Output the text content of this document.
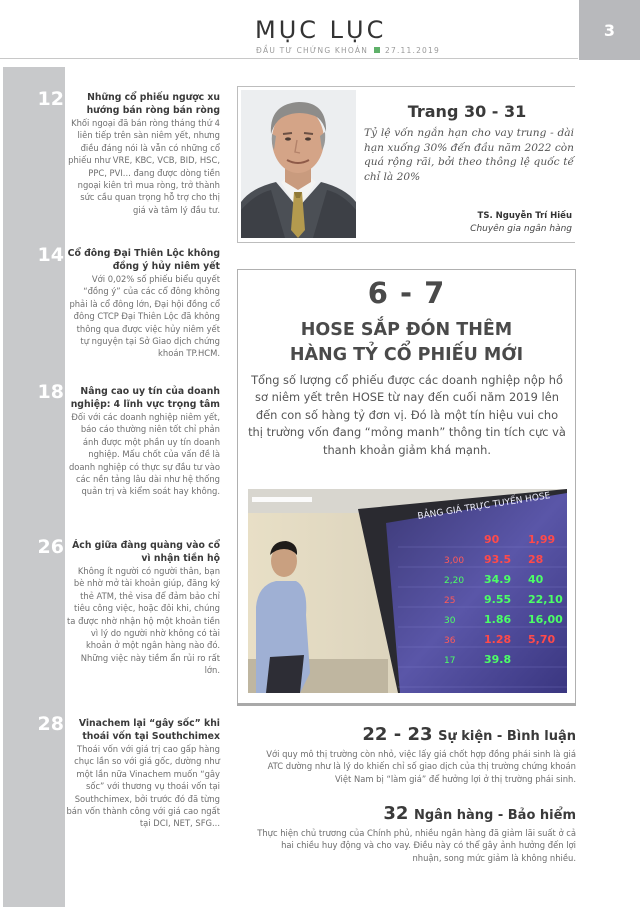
MỤC LỤC
ĐẦU TƯ CHỨNG KHOÁN 27.11.2019
3
12	Những cổ phiếu ngược xu hướng bán ròng bán ròng
Khối ngoại đã bán ròng tháng thứ 4 liên tiếp trên sàn niêm yết, nhưng điều đáng nói là vẫn có những cổ phiếu như VRE, KBC, VCB, BID, HSC, PPC, PVI... đang được dòng tiền ngoại kiên trì mua ròng, trở thành sức cầu quan trọng hỗ trợ cho thị giá và tâm lý đầu tư.
14 Cổ đông Đại Thiên Lộc không đồng ý hủy niêm yết
Với 0,02% số phiếu biểu quyết “đồng ý” của các cổ đông không phải là cổ đông lớn, Đại hội đồng cổ đông CTCP Đại Thiên Lộc đã không thông qua được việc hủy niêm yết tự nguyện tại Sở Giao dịch chứng khoán TP.HCM.
18	Nâng cao uy tín của doanh nghiệp: 4 lĩnh vực trọng tâm
Đối với các doanh nghiệp niêm yết, báo cáo thường niên tốt chỉ phản ánh được một phần uy tín doanh nghiệp. Mấu chốt của vấn đề là doanh nghiệp có thực sự đầu tư vào các nền tảng lâu dài như hệ thống quản trị và kiểm soát hay không.
26 Ách giữa đàng quàng vào cổ vì nhận tiền hộ
Không ít người có người thân, bạn bè nhờ mở tài khoản giúp, đăng ký thẻ ATM, thẻ visa để đảm bảo chỉ tiêu công việc, hoặc đôi khi, chúng ta được nhờ nhận hộ một khoản tiền vì lý do người nhờ không có tài khoản ở một ngân hàng nào đó. Những việc này tiềm ẩn rủi ro rất lớn.
28	Vinachem lại “gây sốc” khi thoái vốn tại Southchimex
Thoái vốn với giá trị cao gấp hàng chục lần so với giá gốc, dường như một lần nữa Vinachem muốn “gây sốc” với thương vụ thoái vốn tại Southchimex, bởi trước đó đã từng bán vốn thành công với giá cao ngất tại DCI, NET, SFG...
Trang 30 - 31
Tỷ lệ vốn ngắn hạn cho vay trung - dài hạn xuống 30% đến đầu năm 2022 còn quá rộng rãi, bởi theo thông lệ quốc tế chỉ là 20%
TS. Nguyễn Trí Hiếu
Chuyên gia ngân hàng
6 - 7
HOSE SẮP ĐÓN THÊM
HÀNG TỶ CỔ PHIẾU MỚI
Tổng số lượng cổ phiếu được các doanh nghiệp nộp hồ sơ niêm yết trên HOSE từ nay đến cuối năm 2019 lên đến con số hàng tỷ đơn vị. Đó là một tín hiệu vui cho thị trường vốn đang “mỏng manh” thông tin tích cực và thanh khoản giảm khá mạnh.
BẢNG GIÁ TRỰC TUYẾN HOSE
90	1,99
93.5 28
34.9 40
9.55 22,10
1.86 16,00
1.28 5,70
39.8
3,00
2,20
25
30
36
17
22 - 23 Sự kiện - Bình luận
Với quy mô thị trường còn nhỏ, việc lấy giá chốt hợp đồng phái sinh là giá ATC dường như là lý do khiến chỉ số giao dịch của thị trường chứng khoán Việt Nam bị “làm giá” để hưởng lợi ở thị trường phái sinh.
32 Ngân hàng - Bảo hiểm
Thực hiện chủ trương của Chính phủ, nhiều ngân hàng đã giảm lãi suất ở cả hai chiều huy động và cho vay. Điều này có thể gây ảnh hưởng đến lợi nhuận, song mức giảm là không nhiều.
